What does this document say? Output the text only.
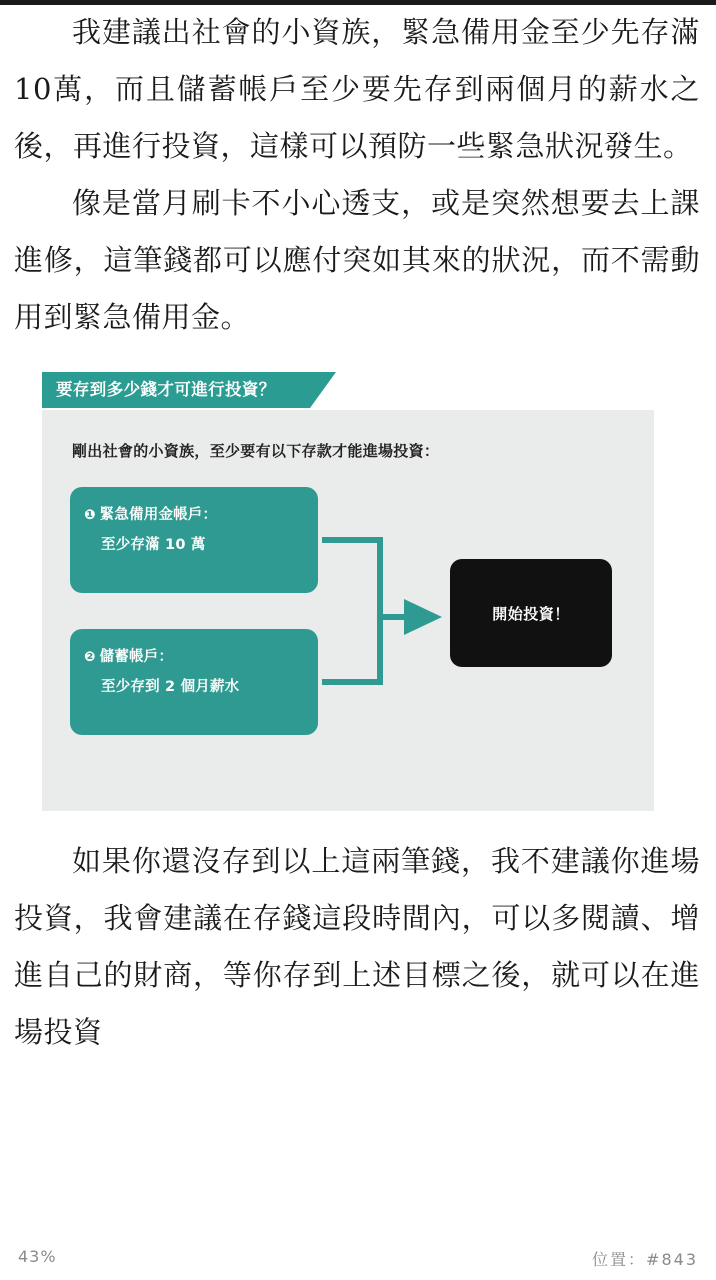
我建議出社會的小資族，緊急備用金至少先存滿10萬，而且儲蓄帳戶至少要先存到兩個月的薪水之後，再進行投資，這樣可以預防一些緊急狀況發生。

像是當月刷卡不小心透支，或是突然想要去上課進修，這筆錢都可以應付突如其來的狀況，而不需動用到緊急備用金。

要存到多少錢才可進行投資？

剛出社會的小資族，至少要有以下存款才能進場投資：

❶ 緊急備用金帳戶：
至少存滿 10 萬
❷ 儲蓄帳戶：
至少存到 2 個月薪水
開始投資！

如果你還沒存到以上這兩筆錢，我不建議你進場投資，我會建議在存錢這段時間內，可以多閱讀、增進自己的財商，等你存到上述目標之後，就可以在進場投資

43%	位置：#843
